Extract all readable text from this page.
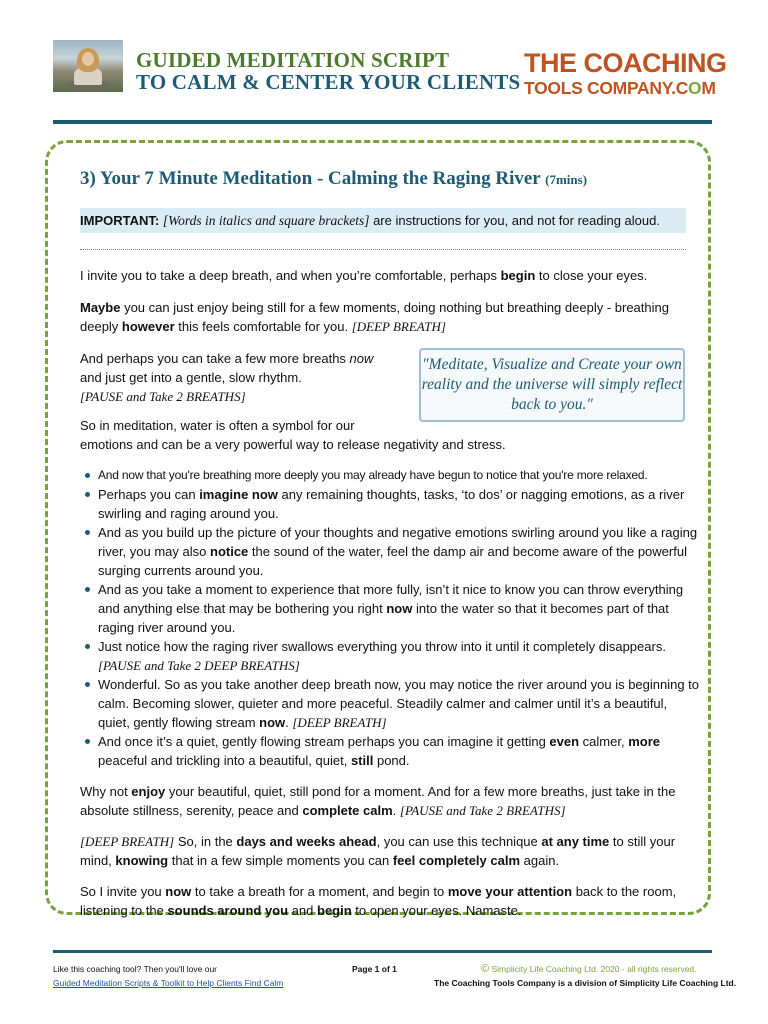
GUIDED MEDITATION SCRIPT
TO CALM & CENTER YOUR CLIENTS
THE COACHING
TOOLS COMPANY.COM
3) Your 7 Minute Meditation - Calming the Raging River (7mins)
IMPORTANT: [Words in italics and square brackets] are instructions for you, and not for reading aloud.

I invite you to take a deep breath, and when you’re comfortable, perhaps begin to close your eyes.

Maybe you can just enjoy being still for a few moments, doing nothing but breathing deeply - breathing deeply however this feels comfortable for you. [DEEP BREATH]

And perhaps you can take a few more breaths now
and just get into a gentle, slow rhythm.
[PAUSE and Take 2 BREATHS]

"Meditate, Visualize and Create your own reality and the universe will simply reflect back to you."

So in meditation, water is often a symbol for our
emotions and can be a very powerful way to release negativity and stress.

And now that you're breathing more deeply you may already have begun to notice that you're more relaxed.
Perhaps you can imagine now any remaining thoughts, tasks, ‘to dos’ or nagging emotions, as a river swirling and raging around you.
And as you build up the picture of your thoughts and negative emotions swirling around you like a raging river, you may also notice the sound of the water, feel the damp air and become aware of the powerful surging currents around you.
And as you take a moment to experience that more fully, isn’t it nice to know you can throw everything and anything else that may be bothering you right now into the water so that it becomes part of that raging river around you.
Just notice how the raging river swallows everything you throw into it until it completely disappears. [PAUSE and Take 2 DEEP BREATHS]
Wonderful. So as you take another deep breath now, you may notice the river around you is beginning to calm. Becoming slower, quieter and more peaceful. Steadily calmer and calmer until it’s a beautiful, quiet, gently flowing stream now. [DEEP BREATH]
And once it’s a quiet, gently flowing stream perhaps you can imagine it getting even calmer, more peaceful and trickling into a beautiful, quiet, still pond.

Why not enjoy your beautiful, quiet, still pond for a moment. And for a few more breaths, just take in the absolute stillness, serenity, peace and complete calm. [PAUSE and Take 2 BREATHS]

[DEEP BREATH] So, in the days and weeks ahead, you can use this technique at any time to still your mind, knowing that in a few simple moments you can feel completely calm again.

So I invite you now to take a breath for a moment, and begin to move your attention back to the room, listening to the sounds around you and begin to open your eyes. Namaste.

Like this coaching tool? Then you'll love our
Guided Meditation Scripts & Toolkit to Help Clients Find Calm
Page 1 of 1	© Simplicity Life Coaching Ltd. 2020 - all rights reserved.
The Coaching Tools Company is a division of Simplicity Life Coaching Ltd.
